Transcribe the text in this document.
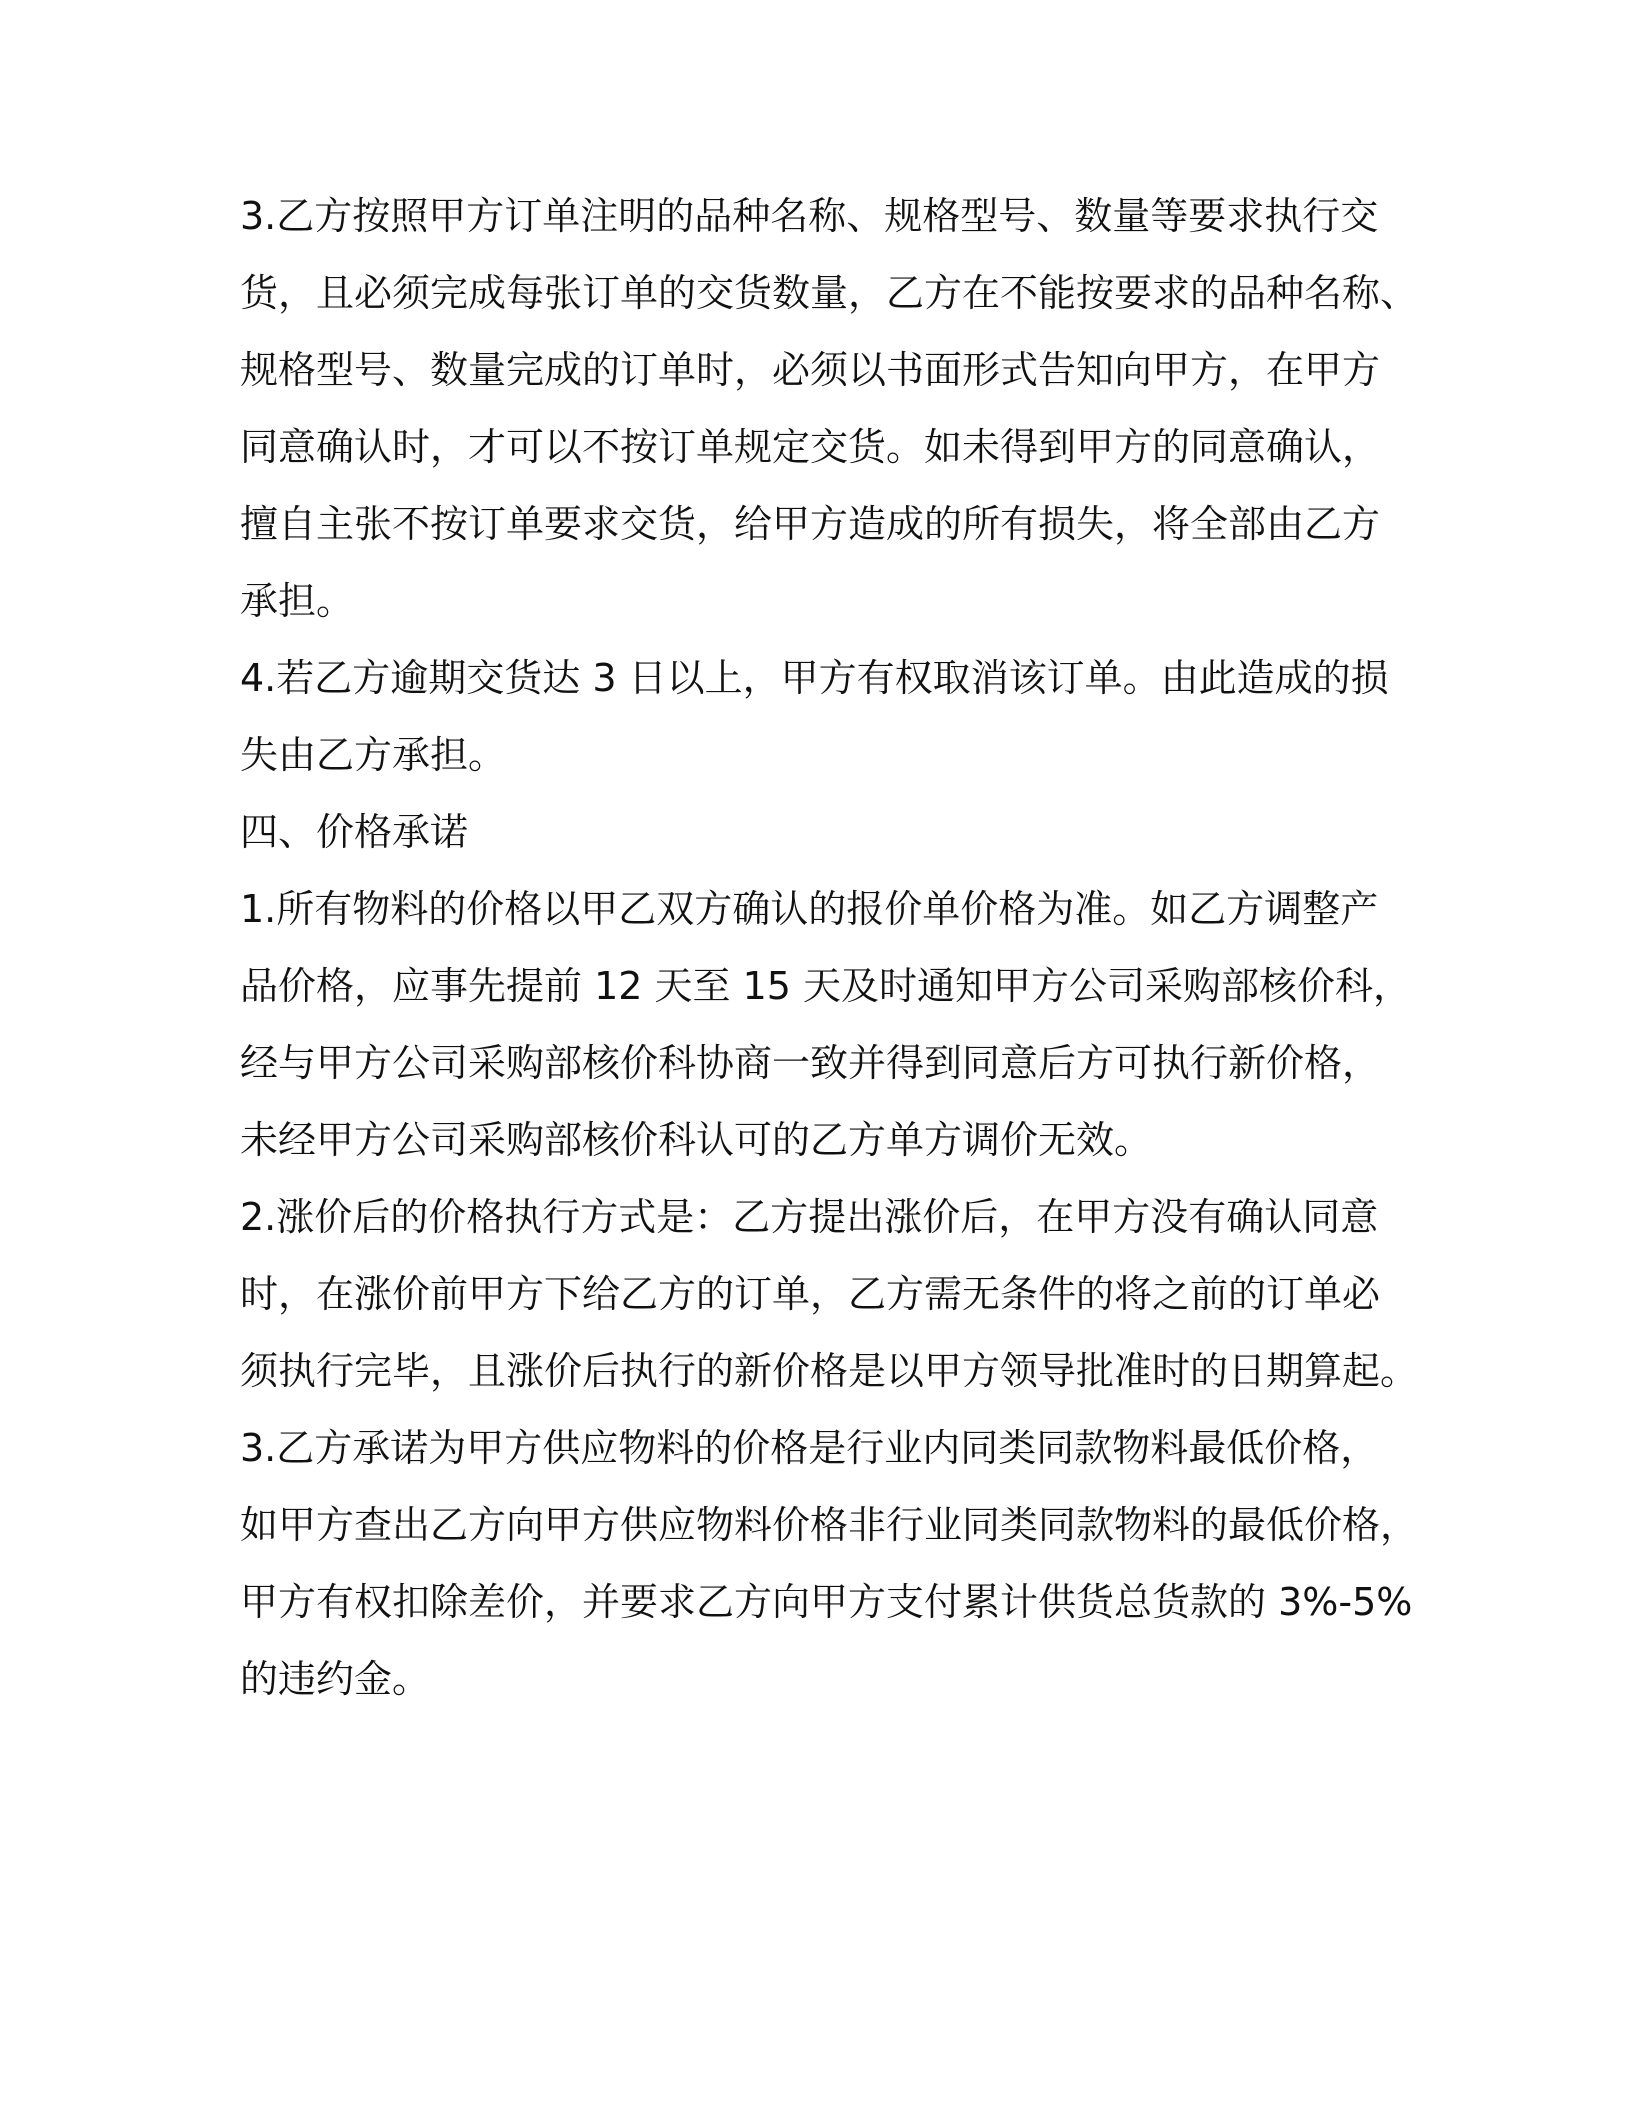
3.乙方按照甲方订单注明的品种名称、规格型号、数量等要求执行交

货，且必须完成每张订单的交货数量，乙方在不能按要求的品种名称、

规格型号、数量完成的订单时，必须以书面形式告知向甲方，在甲方

同意确认时，才可以不按订单规定交货。如未得到甲方的同意确认，

擅自主张不按订单要求交货，给甲方造成的所有损失，将全部由乙方

承担。

4.若乙方逾期交货达 3 日以上，甲方有权取消该订单。由此造成的损

失由乙方承担。

四、价格承诺

1.所有物料的价格以甲乙双方确认的报价单价格为准。如乙方调整产

品价格，应事先提前 12 天至 15 天及时通知甲方公司采购部核价科，

经与甲方公司采购部核价科协商一致并得到同意后方可执行新价格，

未经甲方公司采购部核价科认可的乙方单方调价无效。

2.涨价后的价格执行方式是：乙方提出涨价后，在甲方没有确认同意

时，在涨价前甲方下给乙方的订单，乙方需无条件的将之前的订单必

须执行完毕，且涨价后执行的新价格是以甲方领导批准时的日期算起。

3.乙方承诺为甲方供应物料的价格是行业内同类同款物料最低价格，

如甲方查出乙方向甲方供应物料价格非行业同类同款物料的最低价格，

甲方有权扣除差价，并要求乙方向甲方支付累计供货总货款的 3%-5%

的违约金。
